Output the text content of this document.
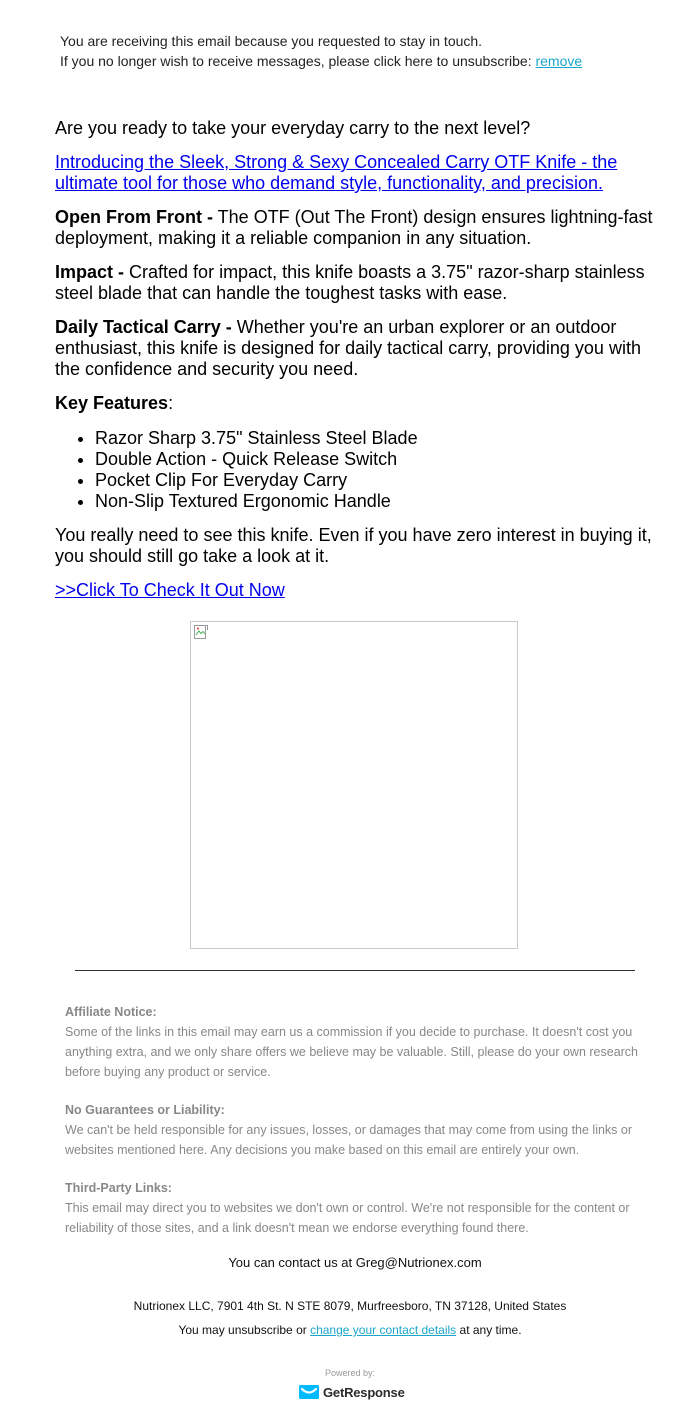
You are receiving this email because you requested to stay in touch.
If you no longer wish to receive messages, please click here to unsubscribe: remove

Are you ready to take your everyday carry to the next level?

Introducing the Sleek, Strong & Sexy Concealed Carry OTF Knife - the ultimate tool for those who demand style, functionality, and precision.

Open From Front - The OTF (Out The Front) design ensures lightning-fast deployment, making it a reliable companion in any situation.

Impact - Crafted for impact, this knife boasts a 3.75" razor-sharp stainless steel blade that can handle the toughest tasks with ease.

Daily Tactical Carry - Whether you're an urban explorer or an outdoor enthusiast, this knife is designed for daily tactical carry, providing you with the confidence and security you need.

Key Features:

• Razor Sharp 3.75" Stainless Steel Blade
• Double Action - Quick Release Switch
• Pocket Clip For Everyday Carry
• Non-Slip Textured Ergonomic Handle

You really need to see this knife. Even if you have zero interest in buying it, you should still go take a look at it.

>>Click To Check It Out Now

Affiliate Notice:
Some of the links in this email may earn us a commission if you decide to purchase. It doesn't cost you anything extra, and we only share offers we believe may be valuable. Still, please do your own research before buying any product or service.
No Guarantees or Liability:
We can't be held responsible for any issues, losses, or damages that may come from using the links or websites mentioned here. Any decisions you make based on this email are entirely your own.
Third-Party Links:
This email may direct you to websites we don't own or control. We're not responsible for the content or reliability of those sites, and a link doesn't mean we endorse everything found there.
You can contact us at Greg@Nutrionex.com
Nutrionex LLC, 7901 4th St. N STE 8079, Murfreesboro, TN 37128, United States
You may unsubscribe or change your contact details at any time.
Powered by:
GetResponse
